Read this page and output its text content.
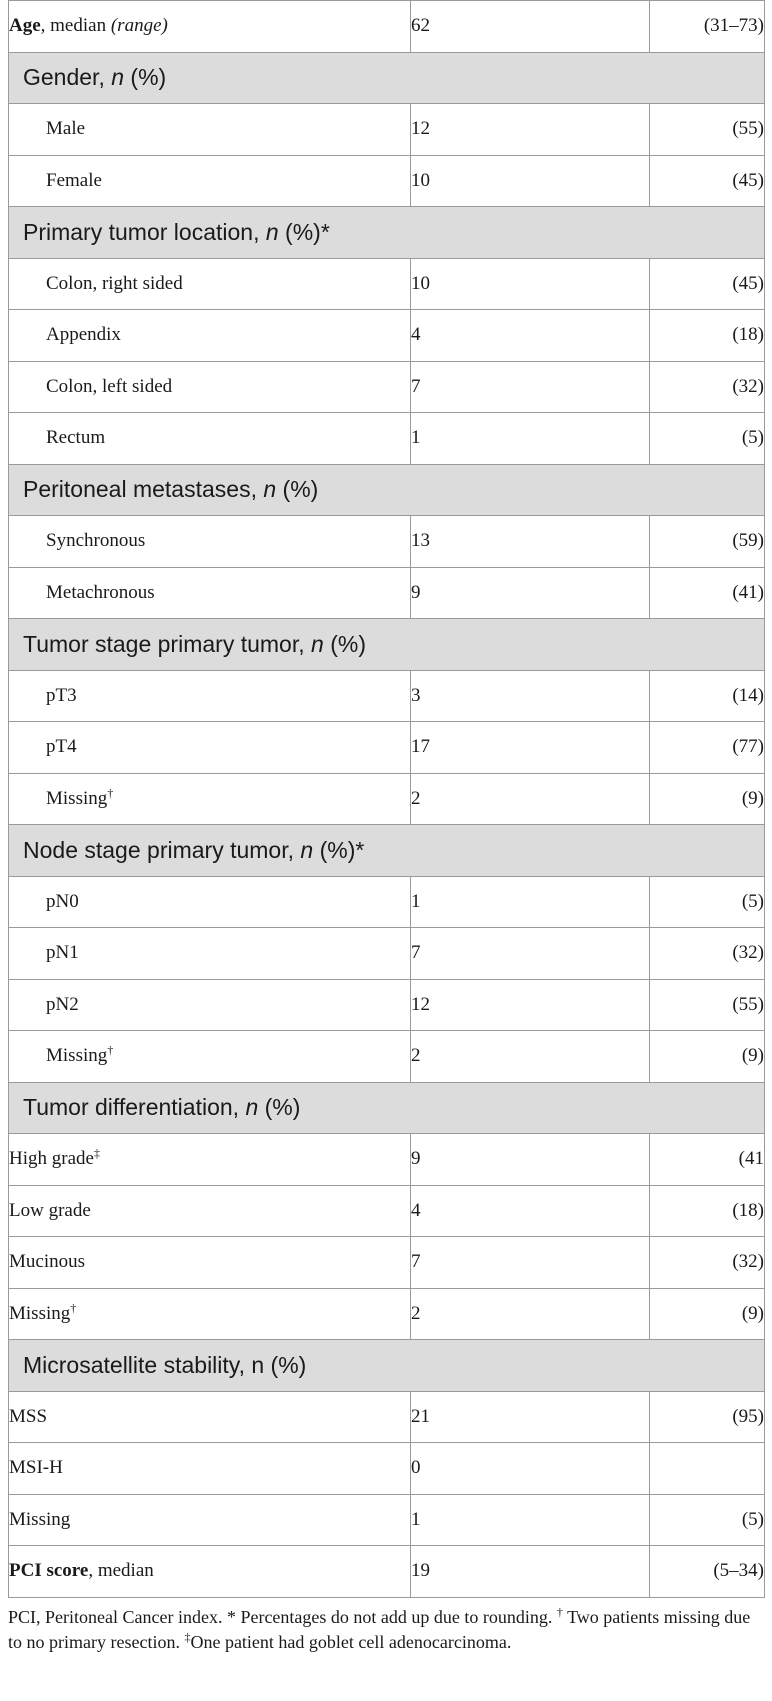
Age, median (range)	62	(31–73)
Gender, n (%)		
Male	12	(55)
Female	10	(45)
Primary tumor location, n (%)*		
Colon, right sided	10	(45)
Appendix	4	(18)
Colon, left sided	7	(32)
Rectum	1	(5)
Peritoneal metastases, n (%)		
Synchronous	13	(59)
Metachronous	9	(41)
Tumor stage primary tumor, n (%)		
pT3	3	(14)
pT4	17	(77)
Missing†	2	(9)
Node stage primary tumor, n (%)*		
pN0	1	(5)
pN1	7	(32)
pN2	12	(55)
Missing†	2	(9)
Tumor differentiation, n (%)		
High grade‡	9	(41
Low grade	4	(18)
Mucinous	7	(32)
Missing†	2	(9)
Microsatellite stability, n (%)		
MSS	21	(95)
MSI-H	0	
Missing	1	(5)
PCI score, median	19	(5–34)
PCI, Peritoneal Cancer index. * Percentages do not add up due to rounding. † Two patients missing due to no primary resection. ‡One patient had goblet cell adenocarcinoma.
